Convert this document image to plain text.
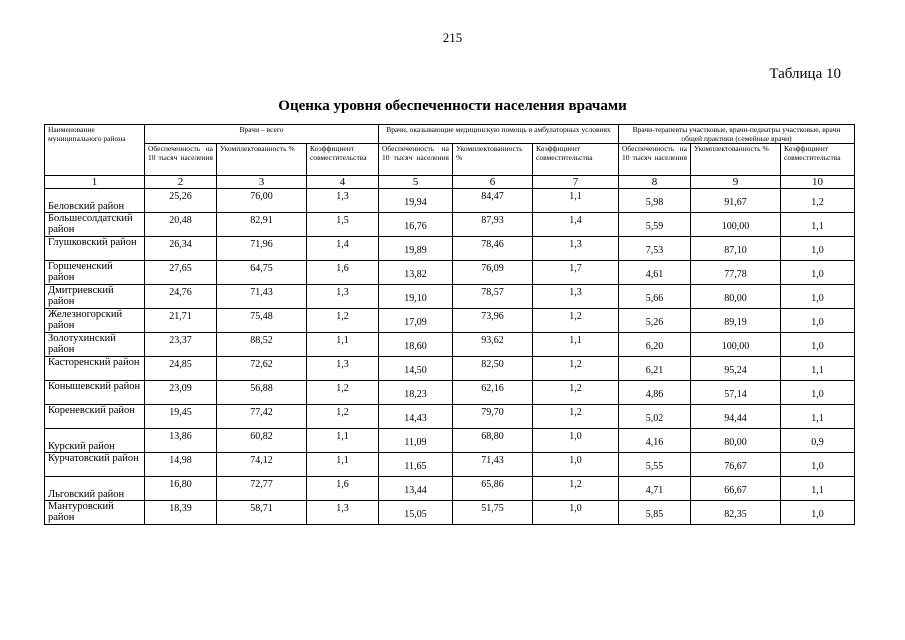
215
Таблица 10
Оценка уровня обеспеченности населения врачами
Наименование муниципального района	Врачи – всего			Врачи, оказывающие медицинскую помощь в амбулаторных условиях			Врачи-терапевты участковые, врачи-педиатры участковые, врачи общей практики (семейные врачи)		
	Обеспеченность на 10 тысяч населения	Укомплектованность %	Коэффициент совместительства	Обеспеченность на 10 тысяч населения	Укомплектованность %	Коэффициент совместительства	Обеспеченность на 10 тысяч населения	Укомплектованность %	Коэффициент совместительства
1	2	3	4	5	6	7	8	9	10
Беловский район	25,26	76,00	1,3	19,94	84,47	1,1	5,98	91,67	1,2
Большесолдатский район	20,48	82,91	1,5	16,76	87,93	1,4	5,59	100,00	1,1
Глушковский район	26,34	71,96	1,4	19,89	78,46	1,3	7,53	87,10	1,0
Горшеченский район	27,65	64,75	1,6	13,82	76,09	1,7	4,61	77,78	1,0
Дмитриевский район	24,76	71,43	1,3	19,10	78,57	1,3	5,66	80,00	1,0
Железногорский район	21,71	75,48	1,2	17,09	73,96	1,2	5,26	89,19	1,0
Золотухинский район	23,37	88,52	1,1	18,60	93,62	1,1	6,20	100,00	1,0
Касторенский район	24,85	72,62	1,3	14,50	82,50	1,2	6,21	95,24	1,1
Конышевский район	23,09	56,88	1,2	18,23	62,16	1,2	4,86	57,14	1,0
Кореневский район	19,45	77,42	1,2	14,43	79,70	1,2	5,02	94,44	1,1
Курский район	13,86	60,82	1,1	11,09	68,80	1,0	4,16	80,00	0,9
Курчатовский район	14,98	74,12	1,1	11,65	71,43	1,0	5,55	76,67	1,0
Льговский район	16,80	72,77	1,6	13,44	65,86	1,2	4,71	66,67	1,1
Мантуровский район	18,39	58,71	1,3	15,05	51,75	1,0	5,85	82,35	1,0
